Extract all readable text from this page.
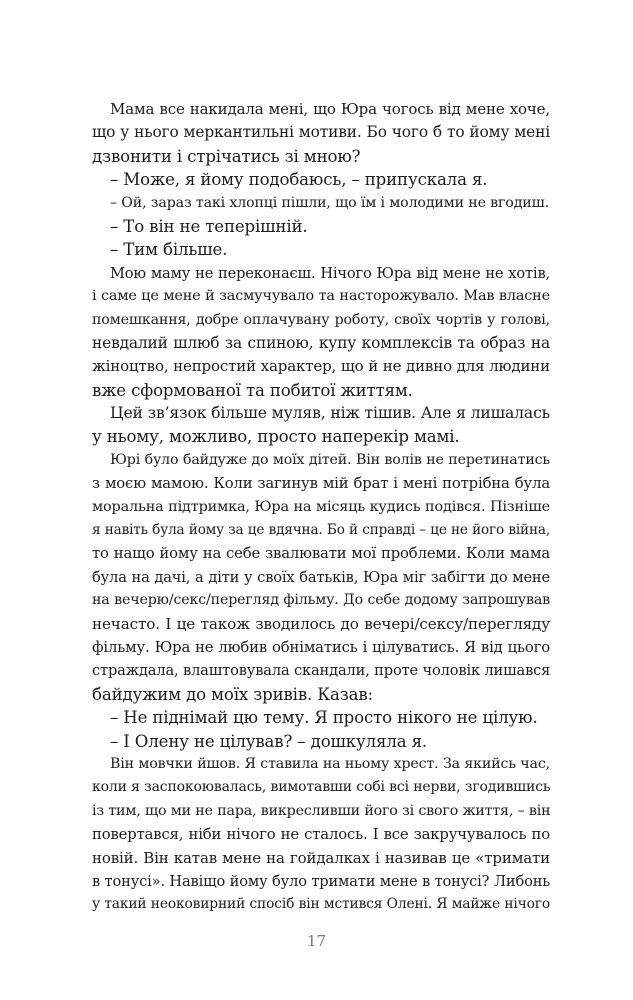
Мама все накидала мені, що Юра чогось від мене хоче,
що у нього меркантильні мотиви. Бо чого б то йому мені
дзвонити і стрічатись зі мною?
– Може, я йому подобаюсь, – припускала я.
– Ой, зараз такі хлопці пішли, що їм і молодими не вгодиш.
– То він не теперішній.
– Тим більше.
Мою маму не переконаєш. Нічого Юра від мене не хотів,
і саме це мене й засмучувало та насторожувало. Мав власне
помешкання, добре оплачувану роботу, своїх чортів у голові,
невдалий шлюб за спиною, купу комплексів та образ на
жіноцтво, непростий характер, що й не дивно для людини
вже сформованої та побитої життям.
Цей зв’язок більше муляв, ніж тішив. Але я лишалась
у ньому, можливо, просто наперекір мамі.
Юрі було байдуже до моїх дітей. Він волів не перетинатись
з моєю мамою. Коли загинув мій брат і мені потрібна була
моральна підтримка, Юра на місяць кудись подівся. Пізніше
я навіть була йому за це вдячна. Бо й справді – це не його війна,
то нащо йому на себе звалювати мої проблеми. Коли мама
була на дачі, а діти у своїх батьків, Юра міг забігти до мене
на вечерю/секс/перегляд фільму. До себе додому запрошував
нечасто. І це також зводилось до вечері/сексу/перегляду
фільму. Юра не любив обніматись і цілуватись. Я від цього
страждала, влаштовувала скандали, проте чоловік лишався
байдужим до моїх зривів. Казав:
– Не піднімай цю тему. Я просто нікого не цілую.
– І Олену не цілував? – дошкуляла я.
Він мовчки йшов. Я ставила на ньому хрест. За якийсь час,
коли я заспокоювалась, вимотавши собі всі нерви, згодившись
із тим, що ми не пара, викресливши його зі свого життя, – він
повертався, ніби нічого не сталось. І все закручувалось по
новій. Він катав мене на гойдалках і називав це «тримати
в тонусі». Навіщо йому було тримати мене в тонусі? Либонь
у такий неоковирний спосіб він мстився Олені. Я майже нічого
17
